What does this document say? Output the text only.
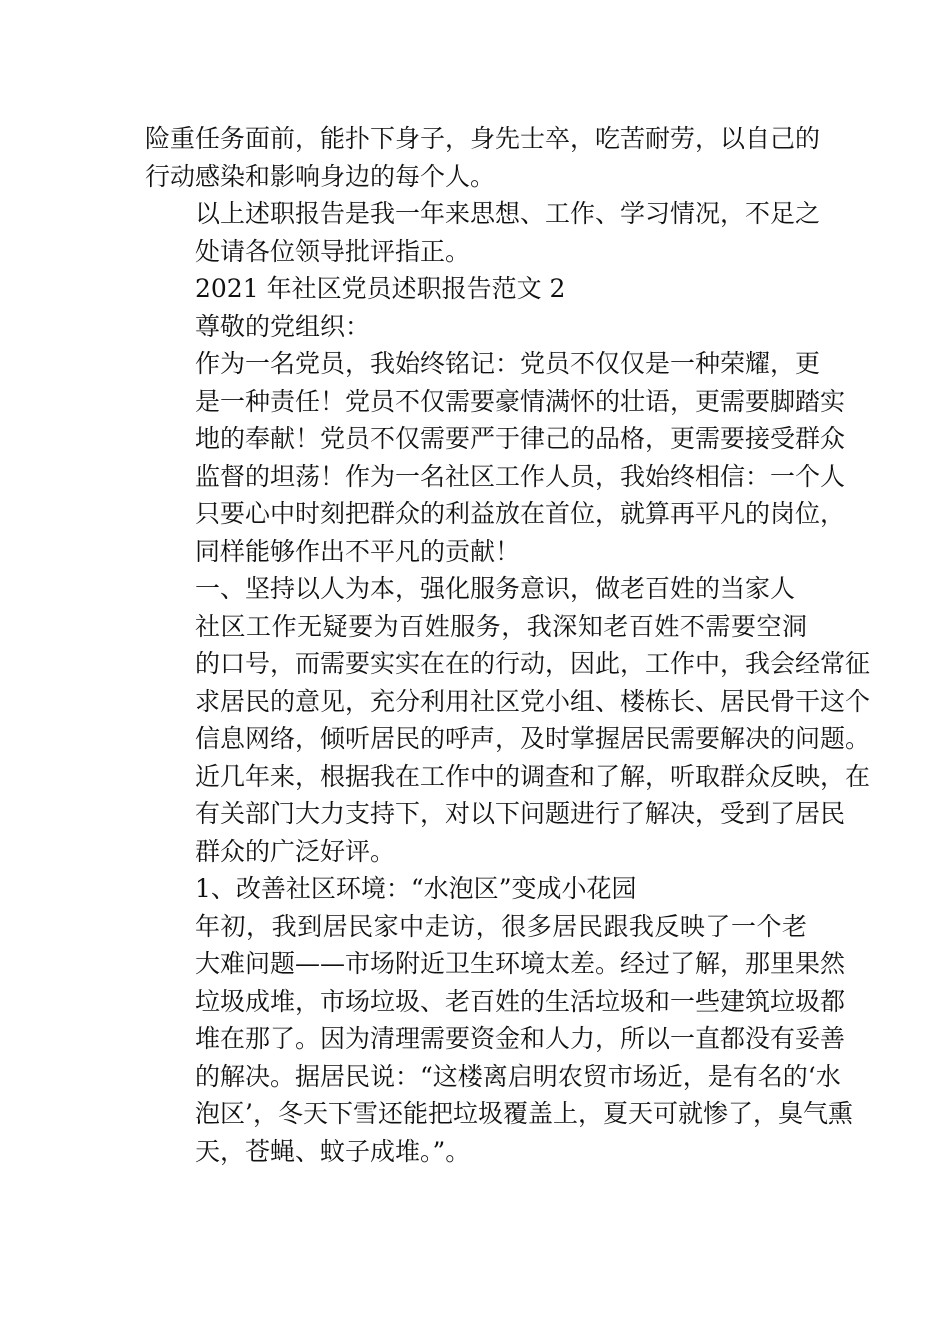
险重任务面前，能扑下身子，身先士卒，吃苦耐劳，以自己的
行动感染和影响身边的每个人。
以上述职报告是我一年来思想、工作、学习情况，不足之
处请各位领导批评指正。
2021 年社区党员述职报告范文 2
尊敬的党组织：
作为一名党员，我始终铭记：党员不仅仅是一种荣耀，更
是一种责任！党员不仅需要豪情满怀的壮语，更需要脚踏实
地的奉献！党员不仅需要严于律己的品格，更需要接受群众
监督的坦荡！作为一名社区工作人员，我始终相信：一个人
只要心中时刻把群众的利益放在首位，就算再平凡的岗位，
同样能够作出不平凡的贡献！
一、坚持以人为本，强化服务意识，做老百姓的当家人
社区工作无疑要为百姓服务，我深知老百姓不需要空洞
的口号，而需要实实在在的行动，因此，工作中，我会经常征
求居民的意见，充分利用社区党小组、楼栋长、居民骨干这个
信息网络，倾听居民的呼声，及时掌握居民需要解决的问题。
近几年来，根据我在工作中的调查和了解，听取群众反映，在
有关部门大力支持下，对以下问题进行了解决，受到了居民
群众的广泛好评。
1、改善社区环境：“水泡区”变成小花园
年初，我到居民家中走访，很多居民跟我反映了一个老
大难问题——市场附近卫生环境太差。经过了解，那里果然
垃圾成堆，市场垃圾、老百姓的生活垃圾和一些建筑垃圾都
堆在那了。因为清理需要资金和人力，所以一直都没有妥善
的解决。据居民说：“这楼离启明农贸市场近，是有名的‘水
泡区’，冬天下雪还能把垃圾覆盖上，夏天可就惨了，臭气熏
天，苍蝇、蚊子成堆。”。
